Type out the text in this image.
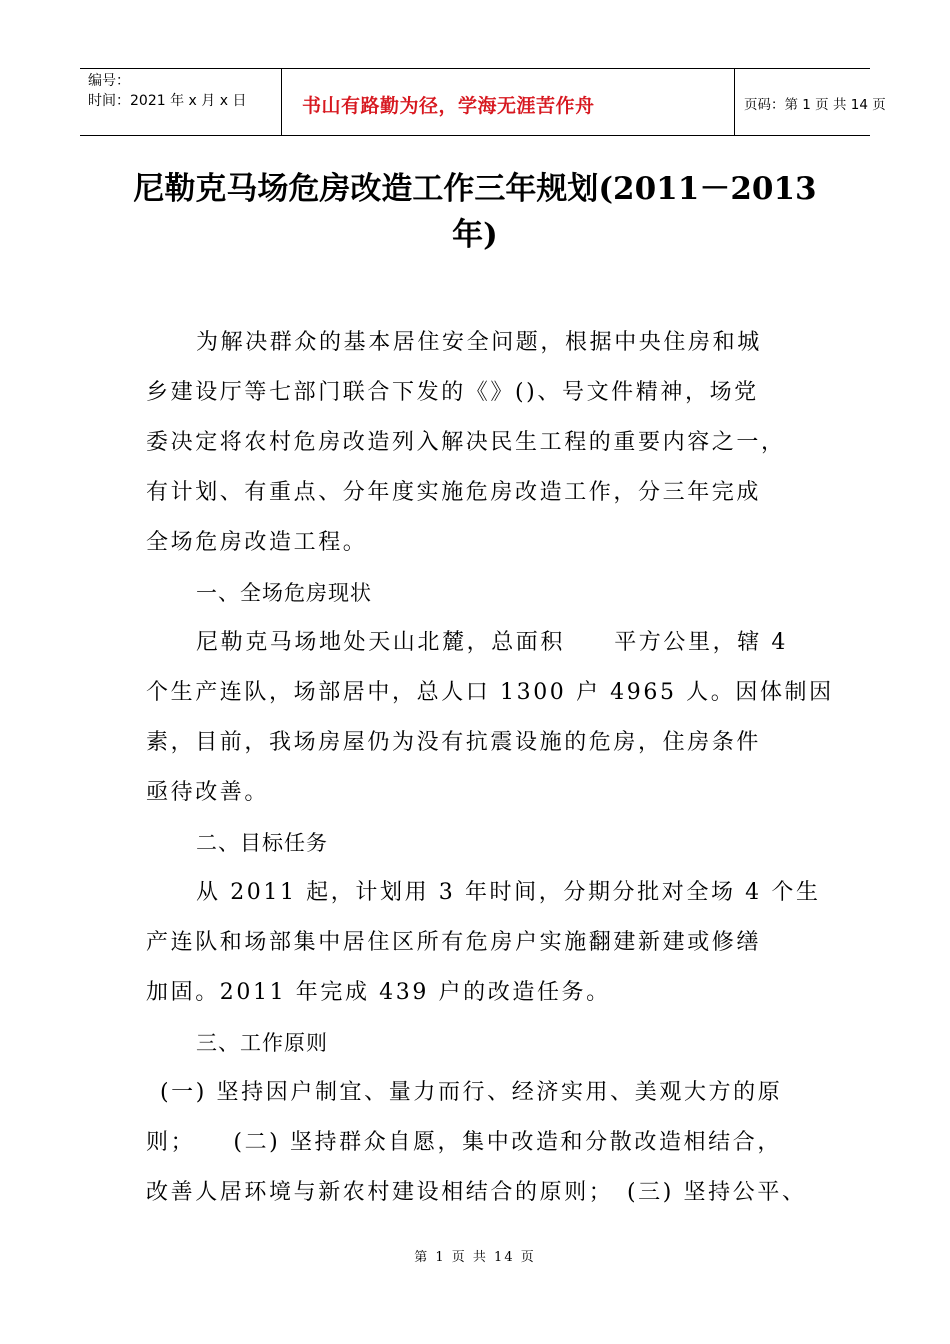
编号：
时间：2021 年 x 月 x 日	书山有路勤为径，学海无涯苦作舟	页码：第 1 页 共 14 页
尼勒克马场危房改造工作三年规划(2011－2013
年)
为解决群众的基本居住安全问题，根据中央住房和城
乡建设厅等七部门联合下发的《》()、号文件精神，场党
委决定将农村危房改造列入解决民生工程的重要内容之一，
有计划、有重点、分年度实施危房改造工作，分三年完成
全场危房改造工程。
一、全场危房现状
尼勒克马场地处天山北麓，总面积　　平方公里，辖 4
个生产连队，场部居中，总人口 1300 户 4965 人。因体制因
素，目前，我场房屋仍为没有抗震设施的危房，住房条件
亟待改善。
二、目标任务
从 2011 起，计划用 3 年时间，分期分批对全场 4 个生
产连队和场部集中居住区所有危房户实施翻建新建或修缮
加固。2011 年完成 439 户的改造任务。
三、工作原则
(一) 坚持因户制宜、量力而行、经济实用、美观大方的原
则；　　(二) 坚持群众自愿，集中改造和分散改造相结合，
改善人居环境与新农村建设相结合的原则；　(三) 坚持公平、
第 1 页 共 14 页
